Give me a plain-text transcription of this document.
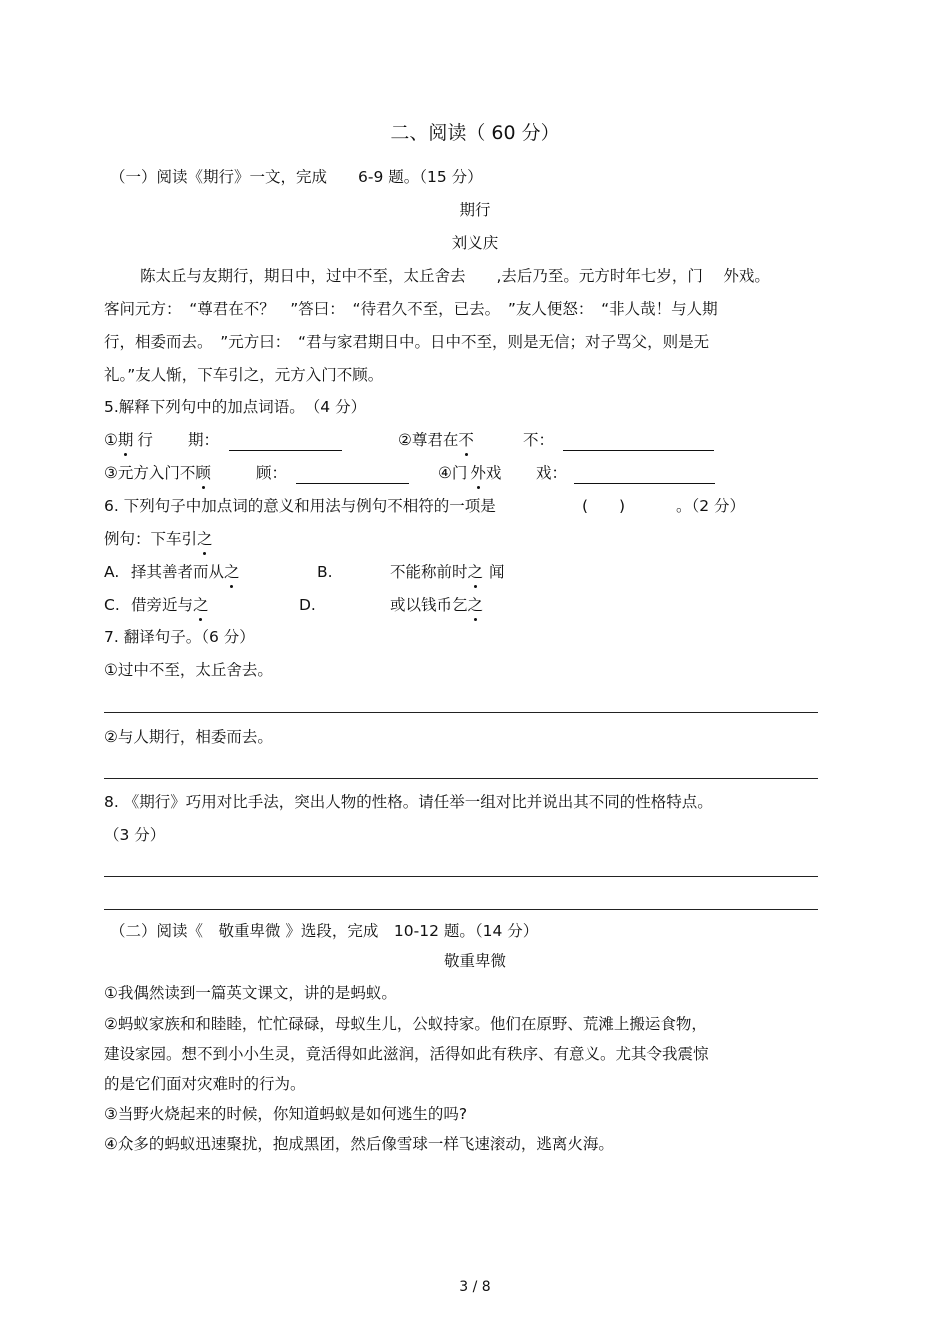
二、阅读（ 60 分）
（一）阅读《期行》一文，完成　　6-9 题。（15 分）
期行
刘义庆
陈太丘与友期行，期日中，过中不至，太丘舍去　　,去后乃至。元方时年七岁，门　 外戏。
客问元方：　“尊君在不？　”答曰：　“待君久不至，已去。　”友人便怒：　“非人哉！与人期
行，相委而去。　”元方曰：　“君与家君期日中。日中不至，则是无信；对子骂父，则是无
礼。”友人惭，下车引之，元方入门不顾。
5.解释下列句中的加点词语。　（4 分）
①期 行 期：	②尊君在不	不：
③元方入门不顾	顾：	④门 外戏 戏：
6. 下列句子中加点词的意义和用法与例句不相符的一项是	(　　)	。（2 分）
例句：下车引之
A. 择其善者而从之	B.	不能称前时之 闻
C. 借旁近与之	D.	或以钱币乞之
7. 翻译句子。（6 分）
①过中不至，太丘舍去。
②与人期行，相委而去。
8. 《期行》巧用对比手法，突出人物的性格。请任举一组对比并说出其不同的性格特点。
（3 分）
（二）阅读《　敬重卑微 》选段，完成　10-12 题。（14 分）
敬重卑微
①我偶然读到一篇英文课文，讲的是蚂蚁。
②蚂蚁家族和和睦睦，忙忙碌碌，母蚁生儿，公蚁持家。他们在原野、荒滩上搬运食物，
建设家园。想不到小小生灵，竟活得如此滋润，活得如此有秩序、有意义。尤其令我震惊
的是它们面对灾难时的行为。
③当野火烧起来的时候，你知道蚂蚁是如何逃生的吗?
④众多的蚂蚁迅速聚扰，抱成黑团，然后像雪球一样飞速滚动，逃离火海。
3 / 8
